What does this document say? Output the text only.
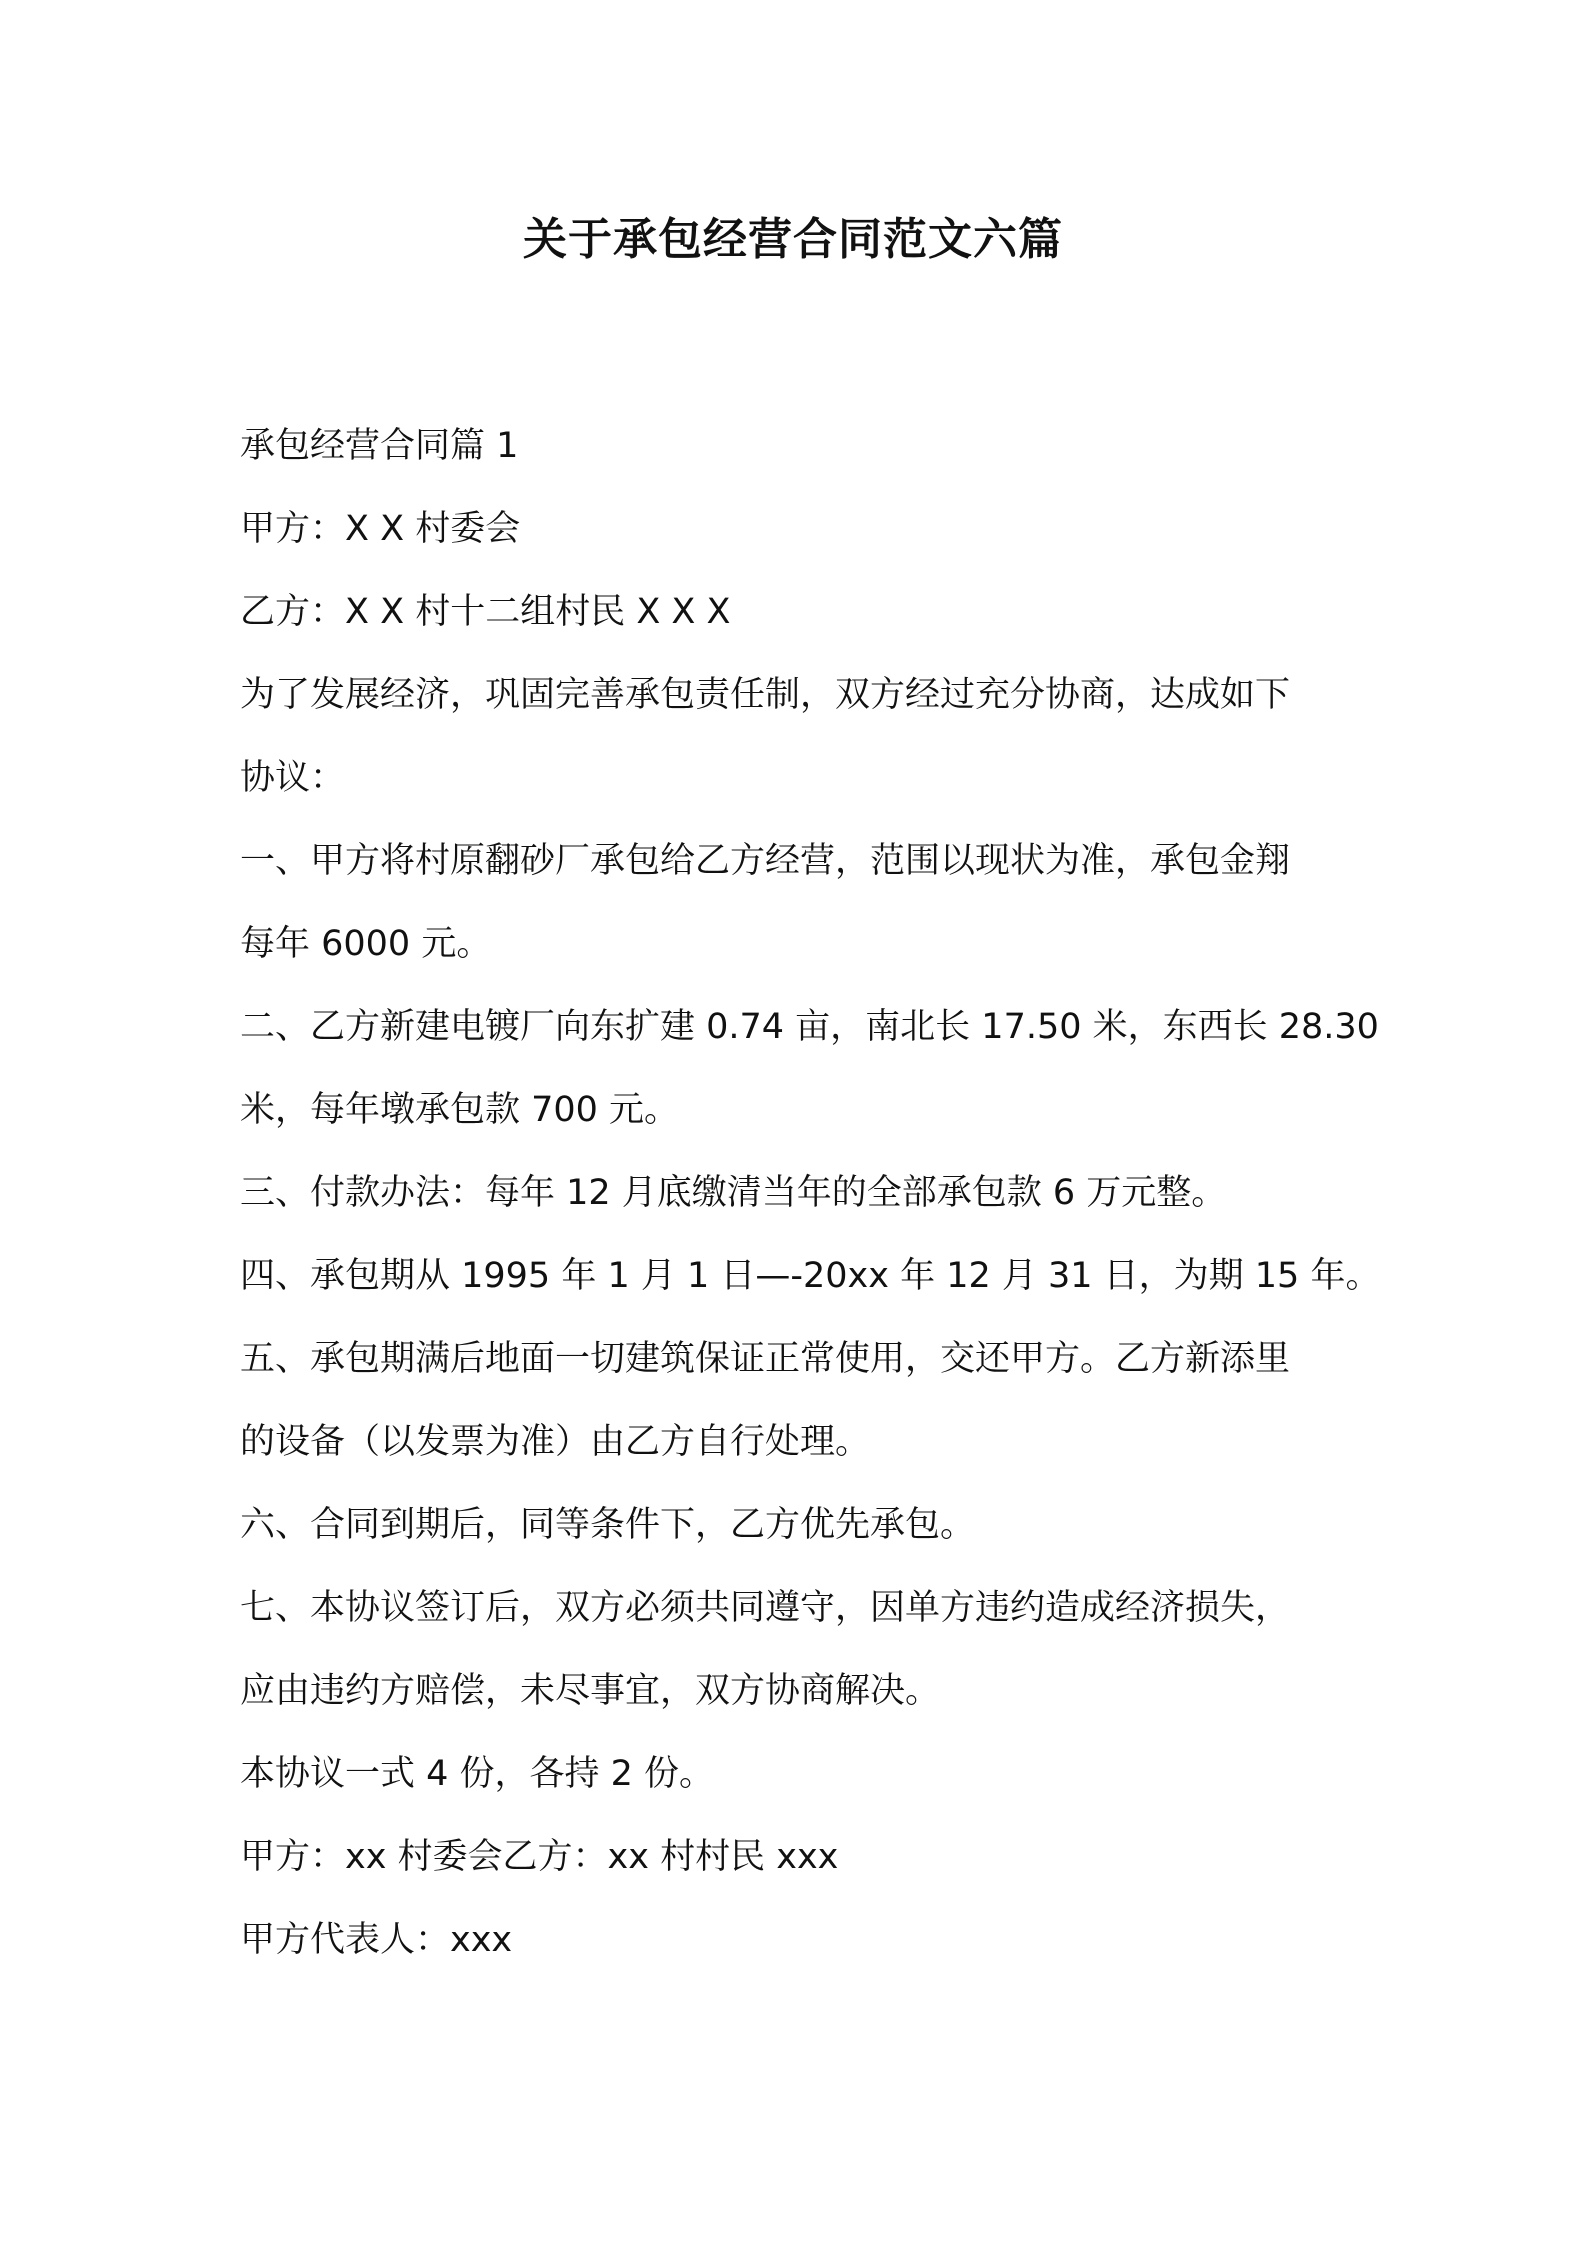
关于承包经营合同范文六篇

承包经营合同篇 1

甲方：X X 村委会

乙方：X X 村十二组村民 X X X

为了发展经济，巩固完善承包责任制，双方经过充分协商，达成如下

协议：

一、甲方将村原翻砂厂承包给乙方经营，范围以现状为准，承包金翔

每年 6000 元。

二、乙方新建电镀厂向东扩建 0.74 亩，南北长 17.50 米，东西长 28.30

米，每年墩承包款 700 元。

三、付款办法：每年 12 月底缴清当年的全部承包款 6 万元整。

四、承包期从 1995 年 1 月 1 日—-20xx 年 12 月 31 日，为期 15 年。

五、承包期满后地面一切建筑保证正常使用，交还甲方。乙方新添里

的设备（以发票为准）由乙方自行处理。

六、合同到期后，同等条件下，乙方优先承包。

七、本协议签订后，双方必须共同遵守，因单方违约造成经济损失，

应由违约方赔偿，未尽事宜，双方协商解决。

本协议一式 4 份，各持 2 份。

甲方：xx 村委会乙方：xx 村村民 xxx

甲方代表人：xxx
